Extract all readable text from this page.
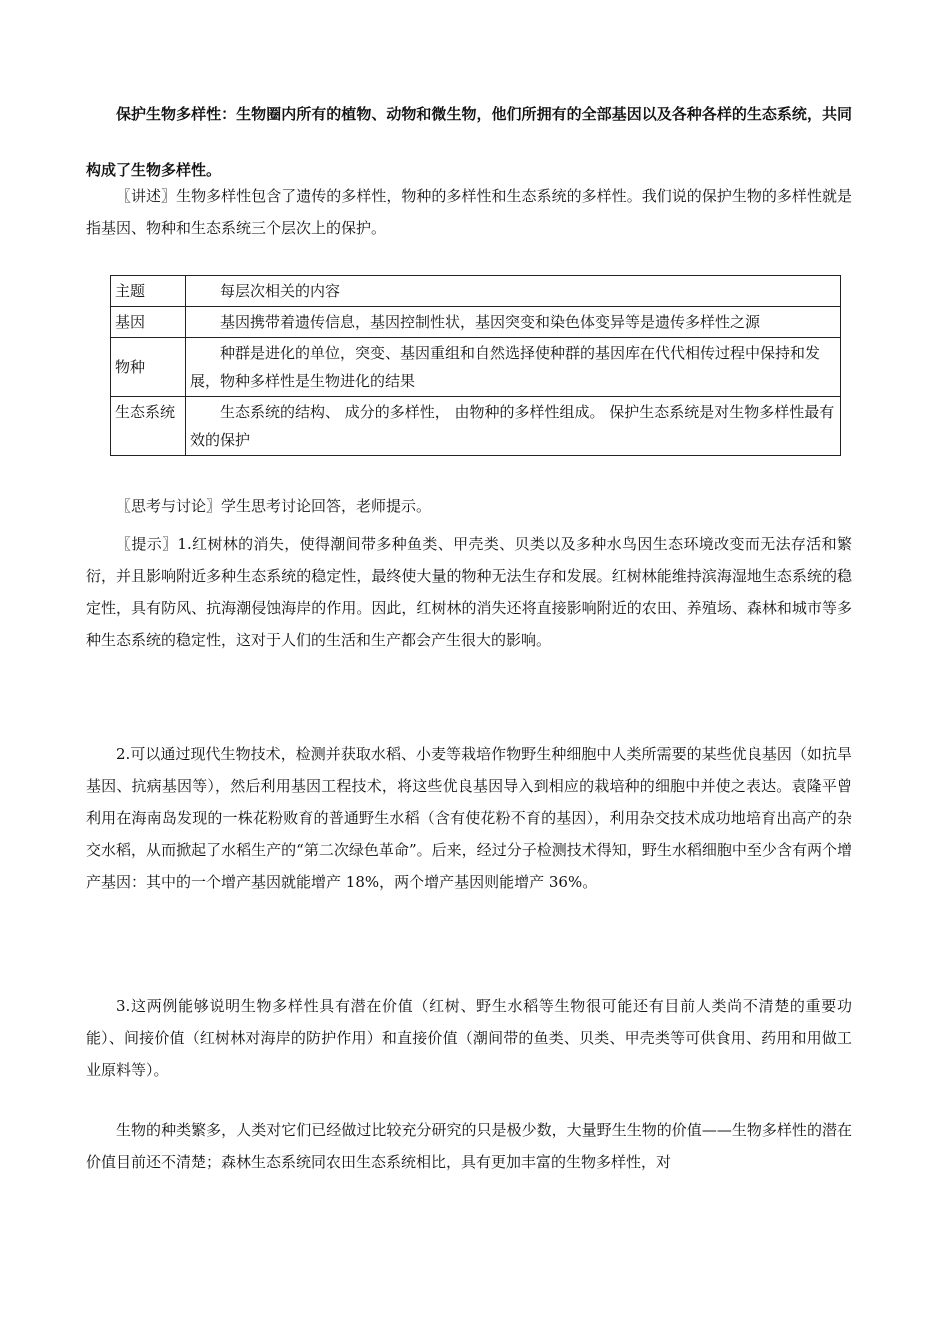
保护生物多样性：生物圈内所有的植物、动物和微生物，他们所拥有的全部基因以及各种各样的生态系统，共同构成了生物多样性。

〖讲述〗生物多样性包含了遗传的多样性，物种的多样性和生态系统的多样性。我们说的保护生物的多样性就是指基因、物种和生态系统三个层次上的保护。

主题	每层次相关的内容
基因	基因携带着遗传信息，基因控制性状，基因突变和染色体变异等是遗传多样性之源
物种	种群是进化的单位，突变、基因重组和自然选择使种群的基因库在代代相传过程中保持和发展，物种多样性是生物进化的结果
生态系统	生态系统的结构、 成分的多样性， 由物种的多样性组成。 保护生态系统是对生物多样性最有效的保护

〖思考与讨论〗学生思考讨论回答，老师提示。

〖提示〗1.红树林的消失，使得潮间带多种鱼类、甲壳类、贝类以及多种水鸟因生态环境改变而无法存活和繁衍，并且影响附近多种生态系统的稳定性，最终使大量的物种无法生存和发展。红树林能维持滨海湿地生态系统的稳定性，具有防风、抗海潮侵蚀海岸的作用。因此，红树林的消失还将直接影响附近的农田、养殖场、森林和城市等多种生态系统的稳定性，这对于人们的生活和生产都会产生很大的影响。

2.可以通过现代生物技术，检测并获取水稻、小麦等栽培作物野生种细胞中人类所需要的某些优良基因（如抗旱基因、抗病基因等），然后利用基因工程技术，将这些优良基因导入到相应的栽培种的细胞中并使之表达。袁隆平曾利用在海南岛发现的一株花粉败育的普通野生水稻（含有使花粉不育的基因），利用杂交技术成功地培育出高产的杂交水稻，从而掀起了水稻生产的“第二次绿色革命”。后来，经过分子检测技术得知，野生水稻细胞中至少含有两个增产基因：其中的一个增产基因就能增产 18%，两个增产基因则能增产 36%。

3.这两例能够说明生物多样性具有潜在价值（红树、野生水稻等生物很可能还有目前人类尚不清楚的重要功能）、间接价值（红树林对海岸的防护作用）和直接价值（潮间带的鱼类、贝类、甲壳类等可供食用、药用和用做工业原料等）。

生物的种类繁多，人类对它们已经做过比较充分研究的只是极少数，大量野生生物的价值——生物多样性的潜在价值目前还不清楚；森林生态系统同农田生态系统相比，具有更加丰富的生物多样性，对
